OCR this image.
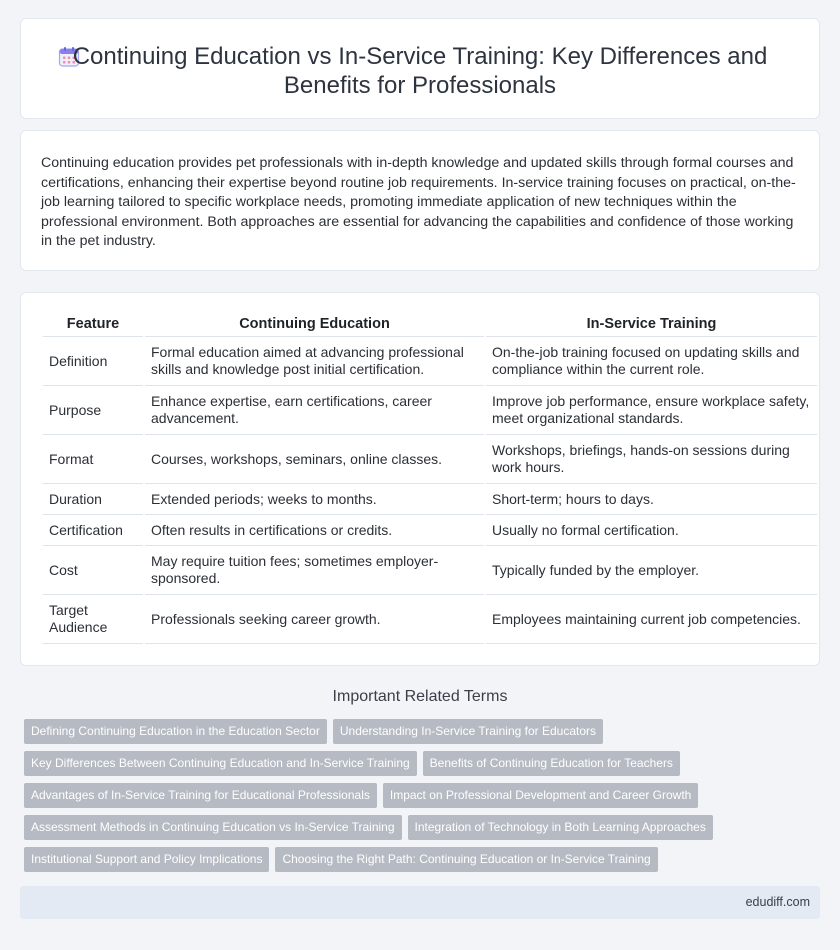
Continuing Education vs In-Service Training: Key Differences and Benefits for Professionals

Continuing education provides pet professionals with in-depth knowledge and updated skills through formal courses and certifications, enhancing their expertise beyond routine job requirements. In-service training focuses on practical, on-the-job learning tailored to specific workplace needs, promoting immediate application of new techniques within the professional environment. Both approaches are essential for advancing the capabilities and confidence of those working in the pet industry.

Feature	Continuing Education	In-Service Training
Definition	Formal education aimed at advancing professional skills and knowledge post initial certification.	On-the-job training focused on updating skills and compliance within the current role.
Purpose	Enhance expertise, earn certifications, career advancement.	Improve job performance, ensure workplace safety, meet organizational standards.
Format	Courses, workshops, seminars, online classes.	Workshops, briefings, hands-on sessions during work hours.
Duration	Extended periods; weeks to months.	Short-term; hours to days.
Certification	Often results in certifications or credits.	Usually no formal certification.
Cost	May require tuition fees; sometimes employer-sponsored.	Typically funded by the employer.
Target Audience	Professionals seeking career growth.	Employees maintaining current job competencies.
Important Related Terms
Defining Continuing Education in the Education Sector Understanding In-Service Training for Educators
Key Differences Between Continuing Education and In-Service Training Benefits of Continuing Education for Teachers
Advantages of In-Service Training for Educational Professionals Impact on Professional Development and Career Growth
Assessment Methods in Continuing Education vs In-Service Training Integration of Technology in Both Learning Approaches
Institutional Support and Policy Implications Choosing the Right Path: Continuing Education or In-Service Training
edudiff.com
